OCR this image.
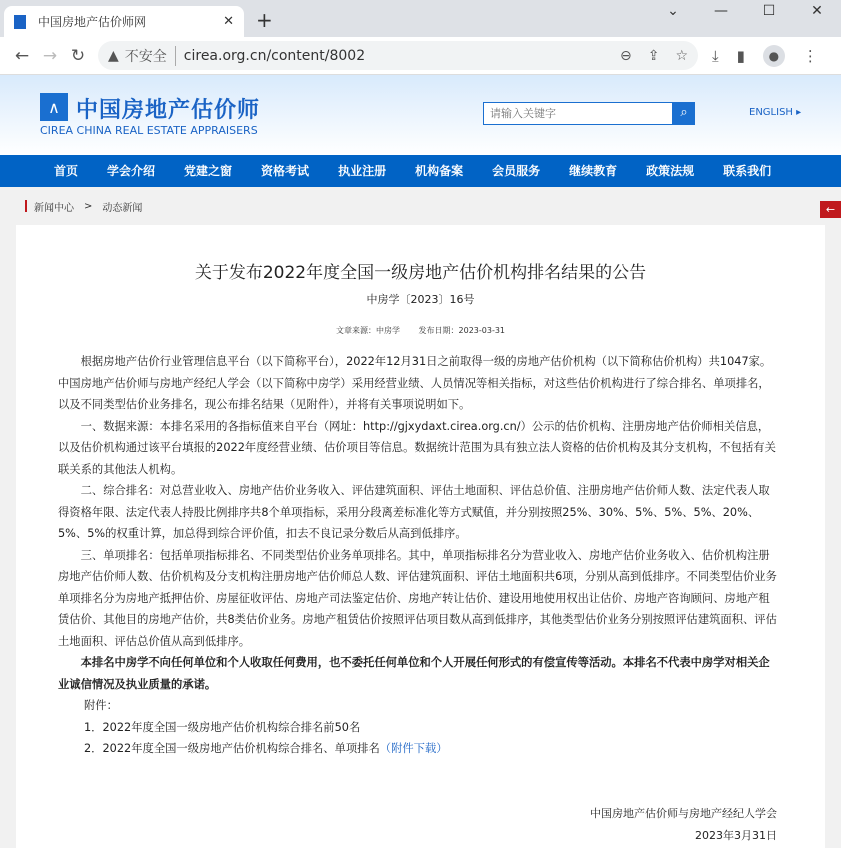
中国房地产估价师网	✕ +	⌄	—	☐	✕
← → ↻	▲ 不安全	cirea.org.cn/content/8002	⊖ ⇪ ☆ ⤓ ▮	●	⋮
∧ 中国房地产估价师
CIREA CHINA REAL ESTATE APPRAISERS
请输入关键字
⌕	ENGLISH ▸
首页 学会介绍 党建之窗 资格考试 执业注册 机构备案 会员服务 继续教育 政策法规 联系我们
新闻中心 > 动态新闻	←
关于发布2022年度全国一级房地产估价机构排名结果的公告
中房学〔2023〕16号
文章来源：中房学 发布日期：2023-03-31

根据房地产估价行业管理信息平台（以下简称平台），2022年12月31日之前取得一级的房地产估价机构（以下简称估价机构）共1047家。中国房地产估价师与房地产经纪人学会（以下简称中房学）采用经营业绩、人员情况等相关指标，对这些估价机构进行了综合排名、单项排名，以及不同类型估价业务排名，现公布排名结果（见附件），并将有关事项说明如下。

一、数据来源：本排名采用的各指标值来自平台（网址：http://gjxydaxt.cirea.org.cn/）公示的估价机构、注册房地产估价师相关信息，以及估价机构通过该平台填报的2022年度经营业绩、估价项目等信息。数据统计范围为具有独立法人资格的估价机构及其分支机构，不包括有关联关系的其他法人机构。

二、综合排名：对总营业收入、房地产估价业务收入、评估建筑面积、评估土地面积、评估总价值、注册房地产估价师人数、法定代表人取得资格年限、法定代表人持股比例排序共8个单项指标，采用分段离差标准化等方式赋值，并分别按照25%、30%、5%、5%、5%、20%、5%、5%的权重计算，加总得到综合评价值，扣去不良记录分数后从高到低排序。

三、单项排名：包括单项指标排名、不同类型估价业务单项排名。其中，单项指标排名分为营业收入、房地产估价业务收入、估价机构注册房地产估价师人数、估价机构及分支机构注册房地产估价师总人数、评估建筑面积、评估土地面积共6项，分别从高到低排序。不同类型估价业务单项排名分为房地产抵押估价、房屋征收评估、房地产司法鉴定估价、房地产转让估价、建设用地使用权出让估价、房地产咨询顾问、房地产租赁估价、其他目的房地产估价，共8类估价业务。房地产租赁估价按照评估项目数从高到低排序，其他类型估价业务分别按照评估建筑面积、评估土地面积、评估总价值从高到低排序。

本排名中房学不向任何单位和个人收取任何费用，也不委托任何单位和个人开展任何形式的有偿宣传等活动。本排名不代表中房学对相关企业诚信情况及执业质量的承诺。

附件：

1．2022年度全国一级房地产估价机构综合排名前50名

2．2022年度全国一级房地产估价机构综合排名、单项排名（附件下载）

中国房地产估价师与房地产经纪人学会
2023年3月31日
